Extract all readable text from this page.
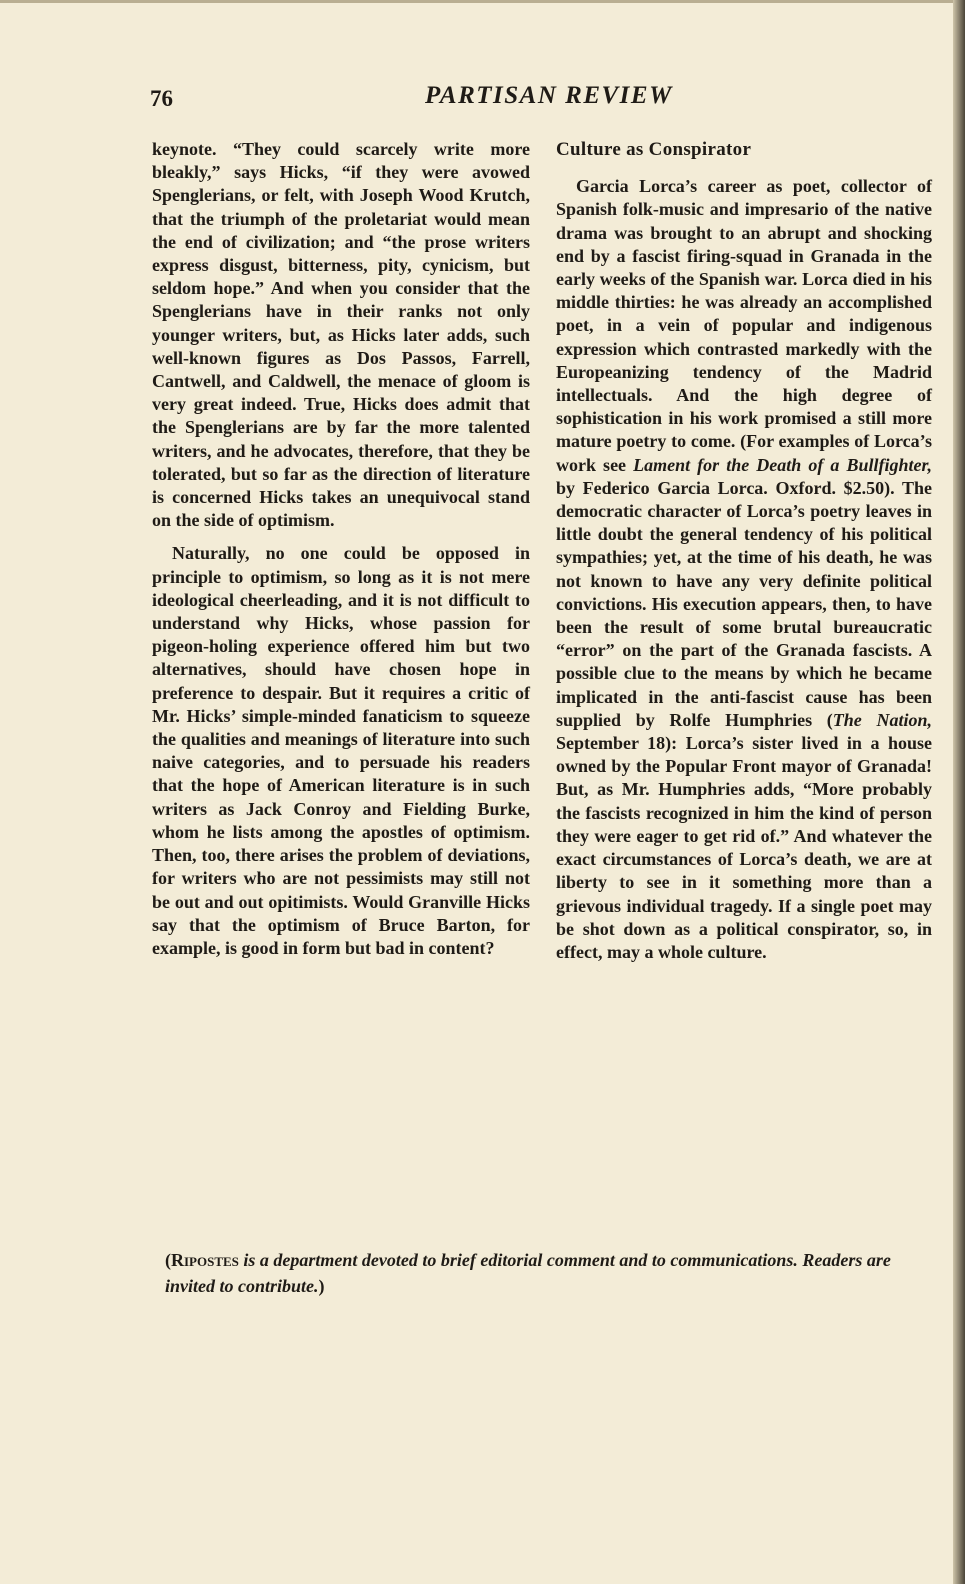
76	PARTISAN REVIEW

keynote. “They could scarcely write more bleakly,” says Hicks, “if they were avowed Spenglerians, or felt, with Joseph Wood Krutch, that the triumph of the proletariat would mean the end of civilization; and “the prose writers express disgust, bitterness, pity, cynicism, but seldom hope.” And when you consider that the Spenglerians have in their ranks not only younger writers, but, as Hicks later adds, such well-known figures as Dos Passos, Farrell, Cantwell, and Caldwell, the menace of gloom is very great indeed. True, Hicks does admit that the Spenglerians are by far the more talented writers, and he advocates, therefore, that they be tolerated, but so far as the direction of literature is concerned Hicks takes an unequivocal stand on the side of optimism.

Naturally, no one could be opposed in principle to optimism, so long as it is not mere ideological cheerleading, and it is not difficult to understand why Hicks, whose passion for pigeon-holing experience offered him but two alternatives, should have chosen hope in preference to despair. But it requires a critic of Mr. Hicks’ simple-minded fanaticism to squeeze the qualities and meanings of literature into such naive categories, and to persuade his readers that the hope of American literature is in such writers as Jack Conroy and Fielding Burke, whom he lists among the apostles of optimism. Then, too, there arises the problem of deviations, for writers who are not pessimists may still not be out and out opitimists. Would Granville Hicks say that the optimism of Bruce Barton, for example, is good in form but bad in content?

Culture as Conspirator

Garcia Lorca’s career as poet, collector of Spanish folk-music and impresario of the native drama was brought to an abrupt and shocking end by a fascist firing-squad in Granada in the early weeks of the Spanish war. Lorca died in his middle thirties: he was already an accomplished poet, in a vein of popular and indigenous expression which contrasted markedly with the Europeanizing tendency of the Madrid intellectuals. And the high degree of sophistication in his work promised a still more mature poetry to come. (For examples of Lorca’s work see Lament for the Death of a Bullfighter, by Federico Garcia Lorca. Oxford. $2.50). The democratic character of Lorca’s poetry leaves in little doubt the general tendency of his political sympathies; yet, at the time of his death, he was not known to have any very definite political convictions. His execution appears, then, to have been the result of some brutal bureaucratic “error” on the part of the Granada fascists. A possible clue to the means by which he became implicated in the anti-fascist cause has been supplied by Rolfe Humphries (The Nation, September 18): Lorca’s sister lived in a house owned by the Popular Front mayor of Granada! But, as Mr. Humphries adds, “More probably the fascists recognized in him the kind of person they were eager to get rid of.” And whatever the exact circumstances of Lorca’s death, we are at liberty to see in it something more than a grievous individual tragedy. If a single poet may be shot down as a political conspirator, so, in effect, may a whole culture.

(Ripostes is a department devoted to brief editorial comment and to communications. Readers are invited to contribute.)
